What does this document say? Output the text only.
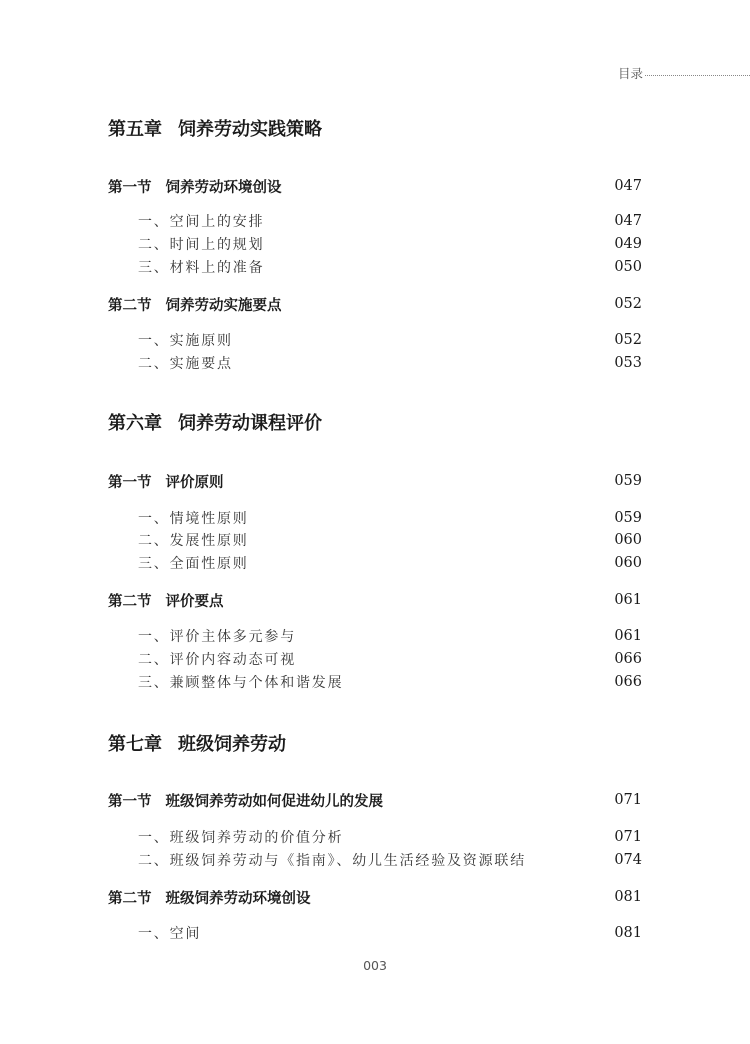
目录
第五章 饲养劳动实践策略
第一节 饲养劳动环境创设	047
一、空间上的安排	047
二、时间上的规划	049
三、材料上的准备	050
第二节 饲养劳动实施要点	052
一、实施原则	052
二、实施要点	053
第六章 饲养劳动课程评价
第一节 评价原则	059
一、情境性原则	059
二、发展性原则	060
三、全面性原则	060
第二节 评价要点	061
一、评价主体多元参与	061
二、评价内容动态可视	066
三、兼顾整体与个体和谐发展	066
第七章 班级饲养劳动
第一节 班级饲养劳动如何促进幼儿的发展	071
一、班级饲养劳动的价值分析	071
二、班级饲养劳动与《指南》、幼儿生活经验及资源联结	074
第二节 班级饲养劳动环境创设	081
一、空间	081
003
